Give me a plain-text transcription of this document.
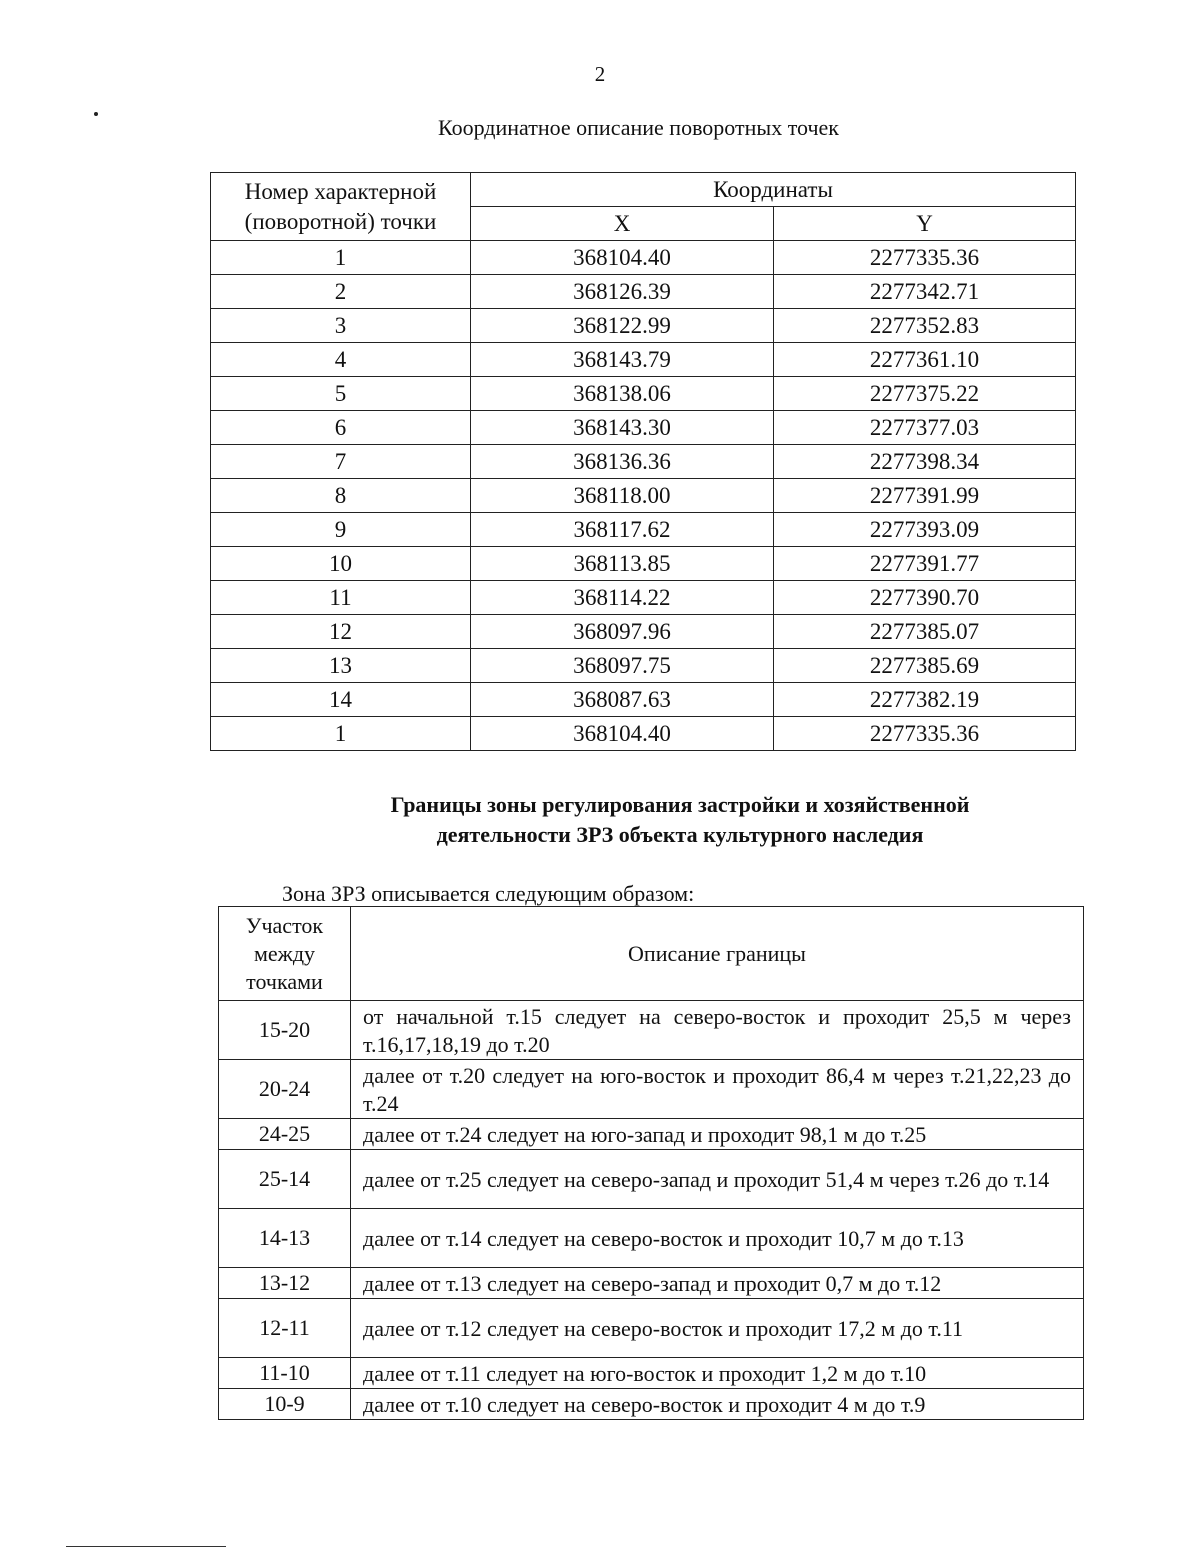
2
Координатное описание поворотных точек
Номер характерной (поворотной) точки	Координаты	
	X	Y
1	368104.40	2277335.36
2	368126.39	2277342.71
3	368122.99	2277352.83
4	368143.79	2277361.10
5	368138.06	2277375.22
6	368143.30	2277377.03
7	368136.36	2277398.34
8	368118.00	2277391.99
9	368117.62	2277393.09
10	368113.85	2277391.77
11	368114.22	2277390.70
12	368097.96	2277385.07
13	368097.75	2277385.69
14	368087.63	2277382.19
1	368104.40	2277335.36
Границы зоны регулирования застройки и хозяйственной
деятельности ЗРЗ объекта культурного наследия
Зона ЗРЗ описывается следующим образом:
Участок между точками	Описание границы
15-20	от начальной т.15 следует на северо-восток и проходит 25,5 м через т.16,17,18,19 до т.20
20-24	далее от т.20 следует на юго-восток и проходит 86,4 м через т.21,22,23 до т.24
24-25	далее от т.24 следует на юго-запад и проходит 98,1 м до т.25
25-14	далее от т.25 следует на северо-запад и проходит 51,4 м через т.26 до т.14
14-13	далее от т.14 следует на северо-восток и проходит 10,7 м до т.13
13-12	далее от т.13 следует на северо-запад и проходит 0,7 м до т.12
12-11	далее от т.12 следует на северо-восток и проходит 17,2 м до т.11
11-10	далее от т.11 следует на юго-восток и проходит 1,2 м до т.10
10-9	далее от т.10 следует на северо-восток и проходит 4 м до т.9
